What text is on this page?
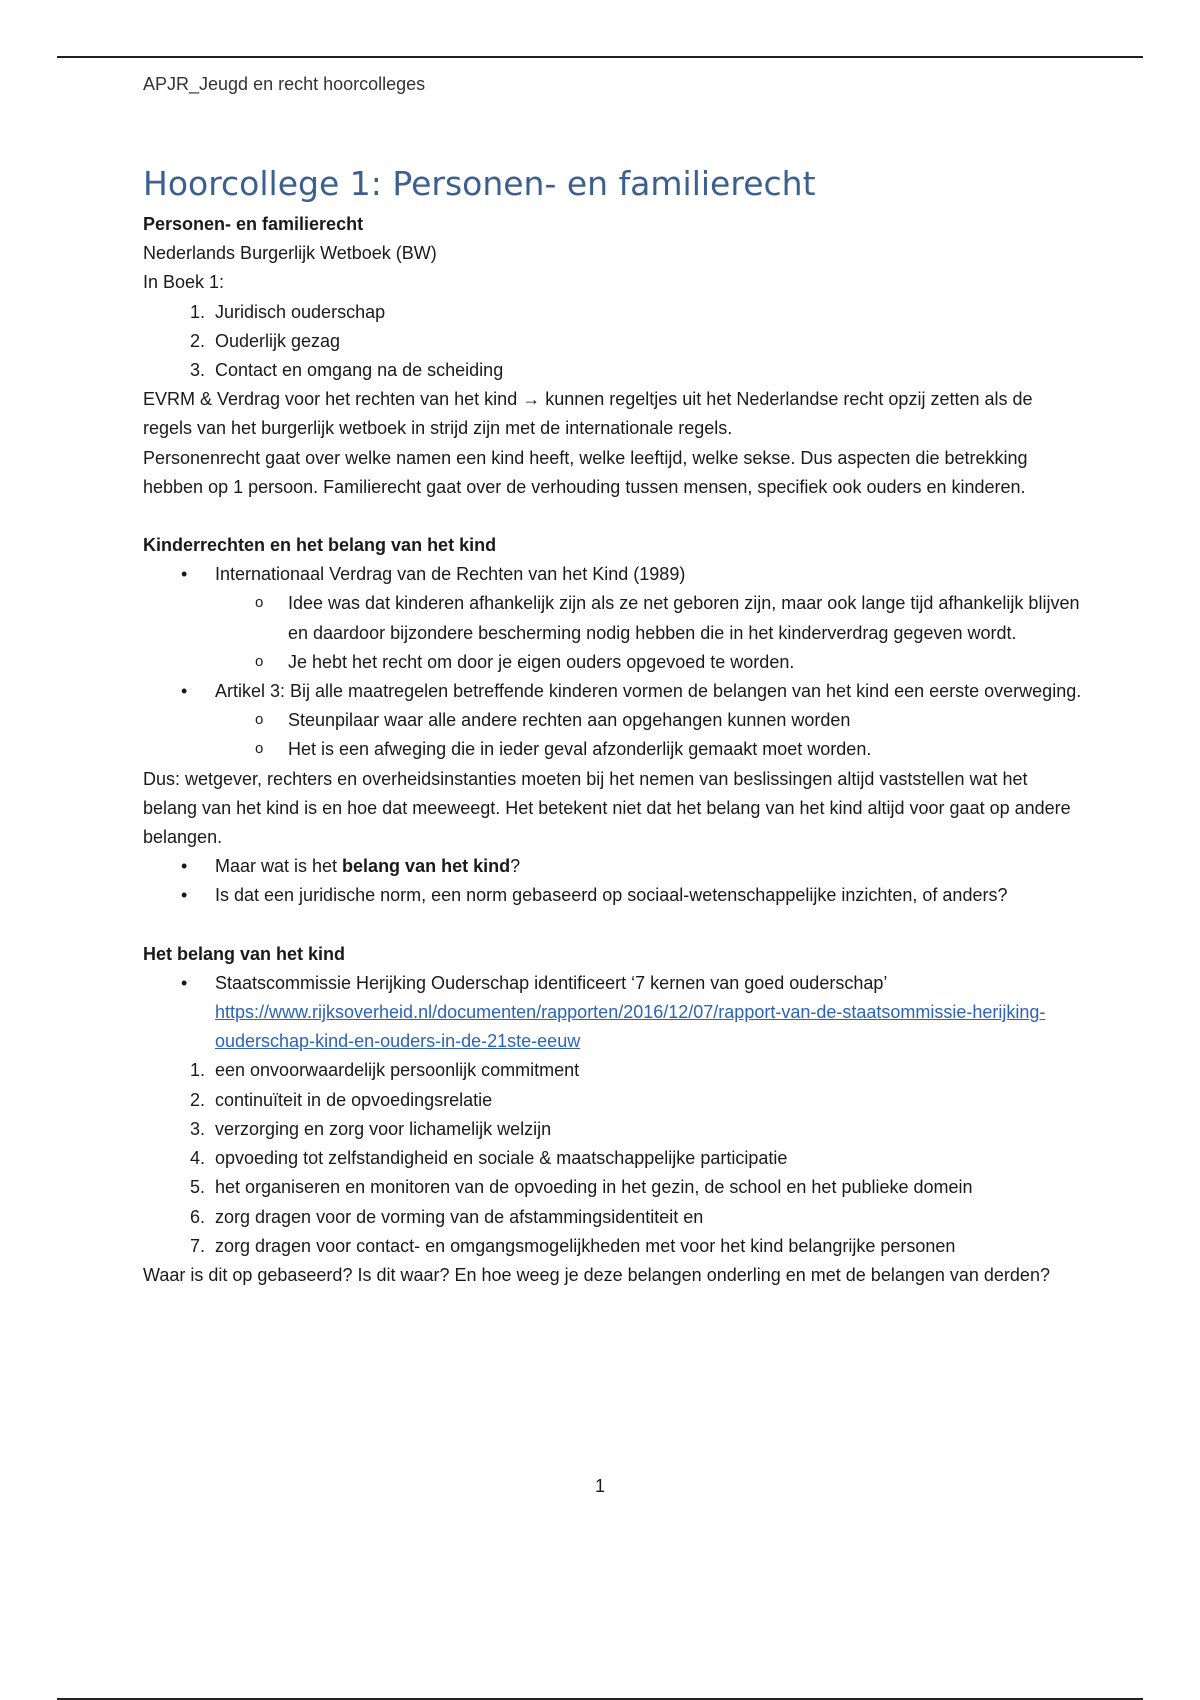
APJR_Jeugd en recht hoorcolleges
Hoorcollege 1: Personen- en familierecht

Personen- en familierecht

Nederlands Burgerlijk Wetboek (BW)

In Boek 1:

1. Juridisch ouderschap
2. Ouderlijk gezag
3. Contact en omgang na de scheiding

EVRM & Verdrag voor het rechten van het kind → kunnen regeltjes uit het Nederlandse recht opzij zetten als de regels van het burgerlijk wetboek in strijd zijn met de internationale regels.

Personenrecht gaat over welke namen een kind heeft, welke leeftijd, welke sekse. Dus aspecten die betrekking hebben op 1 persoon. Familierecht gaat over de verhouding tussen mensen, specifiek ook ouders en kinderen.

Kinderrechten en het belang van het kind

• Internationaal Verdrag van de Rechten van het Kind (1989)
o Idee was dat kinderen afhankelijk zijn als ze net geboren zijn, maar ook lange tijd afhankelijk blijven en daardoor bijzondere bescherming nodig hebben die in het kinderverdrag gegeven wordt.
o Je hebt het recht om door je eigen ouders opgevoed te worden.
• Artikel 3: Bij alle maatregelen betreffende kinderen vormen de belangen van het kind een eerste overweging.
o Steunpilaar waar alle andere rechten aan opgehangen kunnen worden
o Het is een afweging die in ieder geval afzonderlijk gemaakt moet worden.

Dus: wetgever, rechters en overheidsinstanties moeten bij het nemen van beslissingen altijd vaststellen wat het belang van het kind is en hoe dat meeweegt. Het betekent niet dat het belang van het kind altijd voor gaat op andere belangen.

• Maar wat is het belang van het kind?
• Is dat een juridische norm, een norm gebaseerd op sociaal-wetenschappelijke inzichten, of anders?

Het belang van het kind

• Staatscommissie Herijking Ouderschap identificeert ‘7 kernen van goed ouderschap’
https://www.rijksoverheid.nl/documenten/rapporten/2016/12/07/rapport-van-de-staatsommissie-herijking-ouderschap-kind-en-ouders-in-de-21ste-eeuw
1. een onvoorwaardelijk persoonlijk commitment
2. continuïteit in de opvoedingsrelatie
3. verzorging en zorg voor lichamelijk welzijn
4. opvoeding tot zelfstandigheid en sociale & maatschappelijke participatie
5. het organiseren en monitoren van de opvoeding in het gezin, de school en het publieke domein
6. zorg dragen voor de vorming van de afstammingsidentiteit en
7. zorg dragen voor contact- en omgangsmogelijkheden met voor het kind belangrijke personen

Waar is dit op gebaseerd? Is dit waar? En hoe weeg je deze belangen onderling en met de belangen van derden?

1
